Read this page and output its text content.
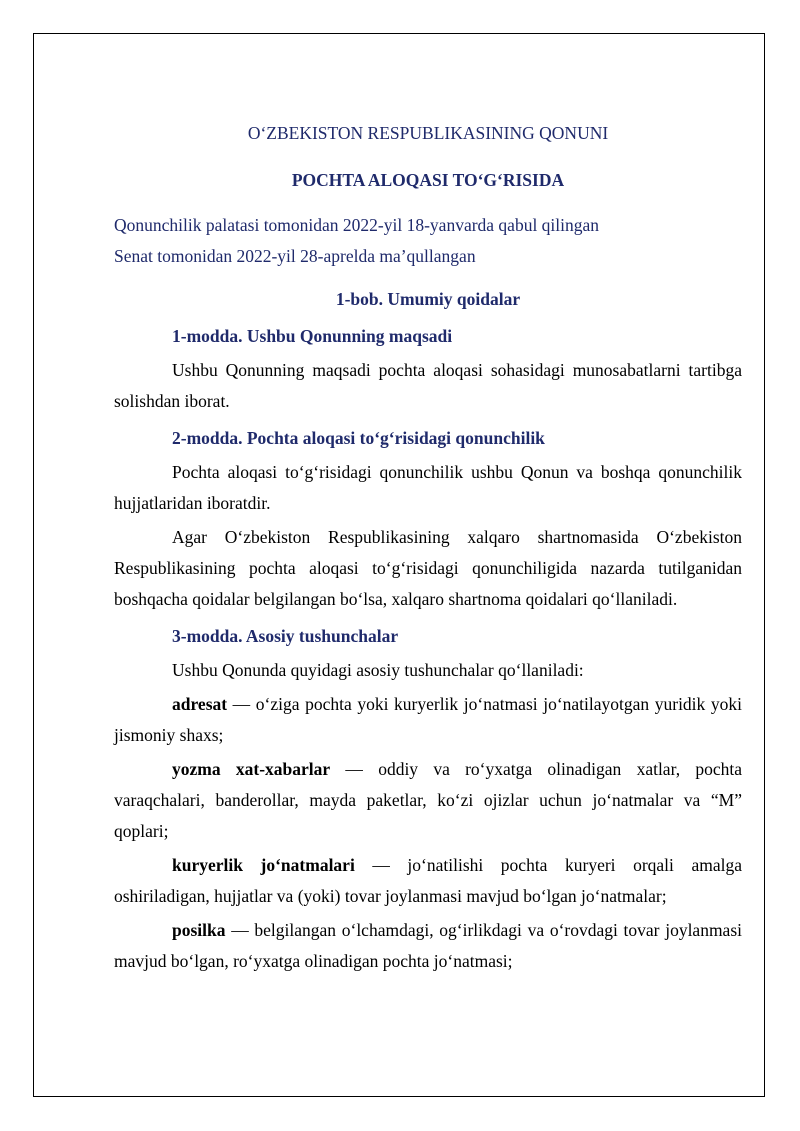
O‘ZBEKISTON RESPUBLIKASINING QONUNI

POCHTA ALOQASI TO‘G‘RISIDA

Qonunchilik palatasi tomonidan 2022-yil 18-yanvarda qabul qilingan

Senat tomonidan 2022-yil 28-aprelda ma’qullangan

1-bob. Umumiy qoidalar

1-modda. Ushbu Qonunning maqsadi

Ushbu Qonunning maqsadi pochta aloqasi sohasidagi munosabatlarni tartibga solishdan iborat.

2-modda. Pochta aloqasi to‘g‘risidagi qonunchilik

Pochta aloqasi to‘g‘risidagi qonunchilik ushbu Qonun va boshqa qonunchilik hujjatlaridan iboratdir.

Agar O‘zbekiston Respublikasining xalqaro shartnomasida O‘zbekiston Respublikasining pochta aloqasi to‘g‘risidagi qonunchiligida nazarda tutilganidan boshqacha qoidalar belgilangan bo‘lsa, xalqaro shartnoma qoidalari qo‘llaniladi.

3-modda. Asosiy tushunchalar

Ushbu Qonunda quyidagi asosiy tushunchalar qo‘llaniladi:

adresat — o‘ziga pochta yoki kuryerlik jo‘natmasi jo‘natilayotgan yuridik yoki jismoniy shaxs;

yozma xat-xabarlar — oddiy va ro‘yxatga olinadigan xatlar, pochta varaqchalari, banderollar, mayda paketlar, ko‘zi ojizlar uchun jo‘natmalar va “M” qoplari;

kuryerlik jo‘natmalari — jo‘natilishi pochta kuryeri orqali amalga oshiriladigan, hujjatlar va (yoki) tovar joylanmasi mavjud bo‘lgan jo‘natmalar;

posilka — belgilangan o‘lchamdagi, og‘irlikdagi va o‘rovdagi tovar joylanmasi mavjud bo‘lgan, ro‘yxatga olinadigan pochta jo‘natmasi;
